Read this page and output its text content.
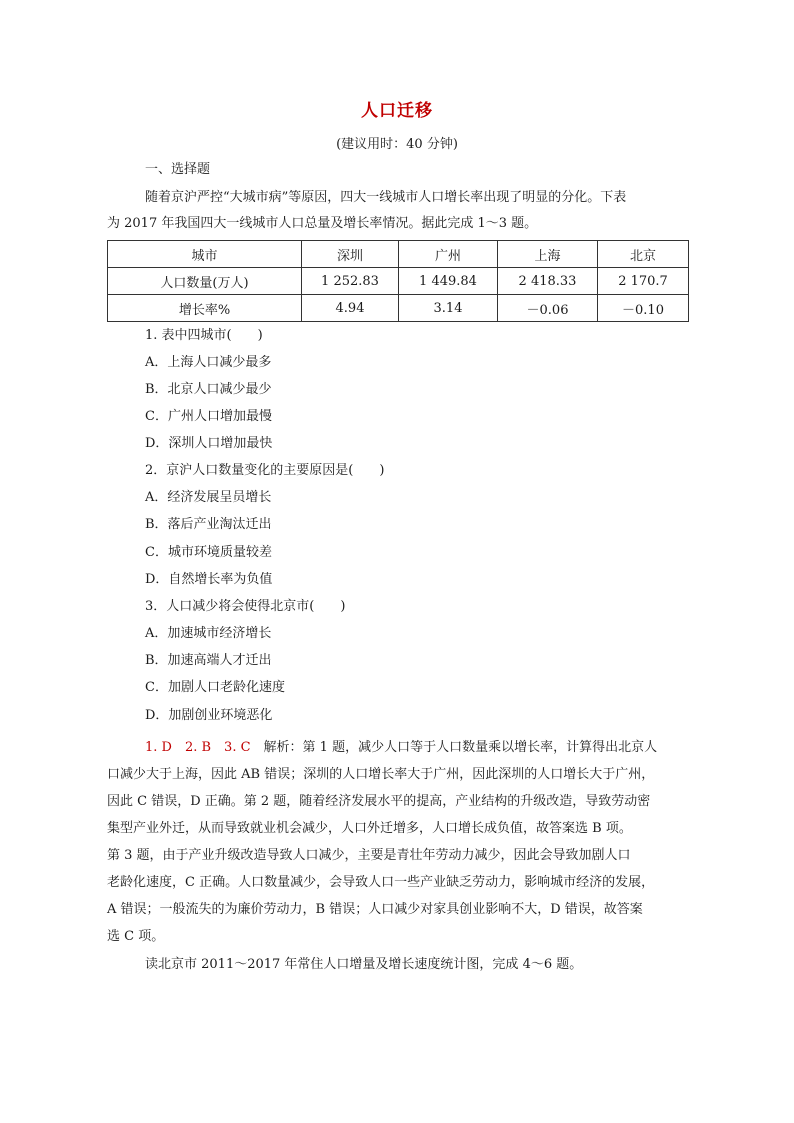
人口迁移
(建议用时：40 分钟)
一、选择题
随着京沪严控“大城市病”等原因，四大一线城市人口增长率出现了明显的分化。下表
为 2017 年我国四大一线城市人口总量及增长率情况。据此完成 1～3 题。
城市	深圳	广州	上海	北京
人口数量(万人)	1 252.83	1 449.84	2 418.33	2 170.7
增长率%	4.94	3.14	－0.06	－0.10
1. 表中四城市(　　)
A．上海人口减少最多
B．北京人口减少最少
C．广州人口增加最慢
D．深圳人口增加最快
2．京沪人口数量变化的主要原因是(　　)
A．经济发展呈员增长
B．落后产业淘汰迁出
C．城市环境质量较差
D．自然增长率为负值
3．人口减少将会使得北京市(　　)
A．加速城市经济增长
B．加速高端人才迁出
C．加剧人口老龄化速度
D．加剧创业环境恶化

1. D　2. B　3. C　 解析：第 1 题，减少人口等于人口数量乘以增长率，计算得出北京人

口减少大于上海，因此 AB 错误；深圳的人口增长率大于广州，因此深圳的人口增长大于广州，

因此 C 错误，D 正确。第 2 题，随着经济发展水平的提高，产业结构的升级改造，导致劳动密

集型产业外迁，从而导致就业机会减少，人口外迁增多，人口增长成负值，故答案选 B 项。

第 3 题，由于产业升级改造导致人口减少，主要是青壮年劳动力减少，因此会导致加剧人口

老龄化速度，C 正确。人口数量减少，会导致人口一些产业缺乏劳动力，影响城市经济的发展，

A 错误；一般流失的为廉价劳动力，B 错误；人口减少对家具创业影响不大，D 错误，故答案

选 C 项。

读北京市 2011～2017 年常住人口增量及增长速度统计图，完成 4～6 题。
